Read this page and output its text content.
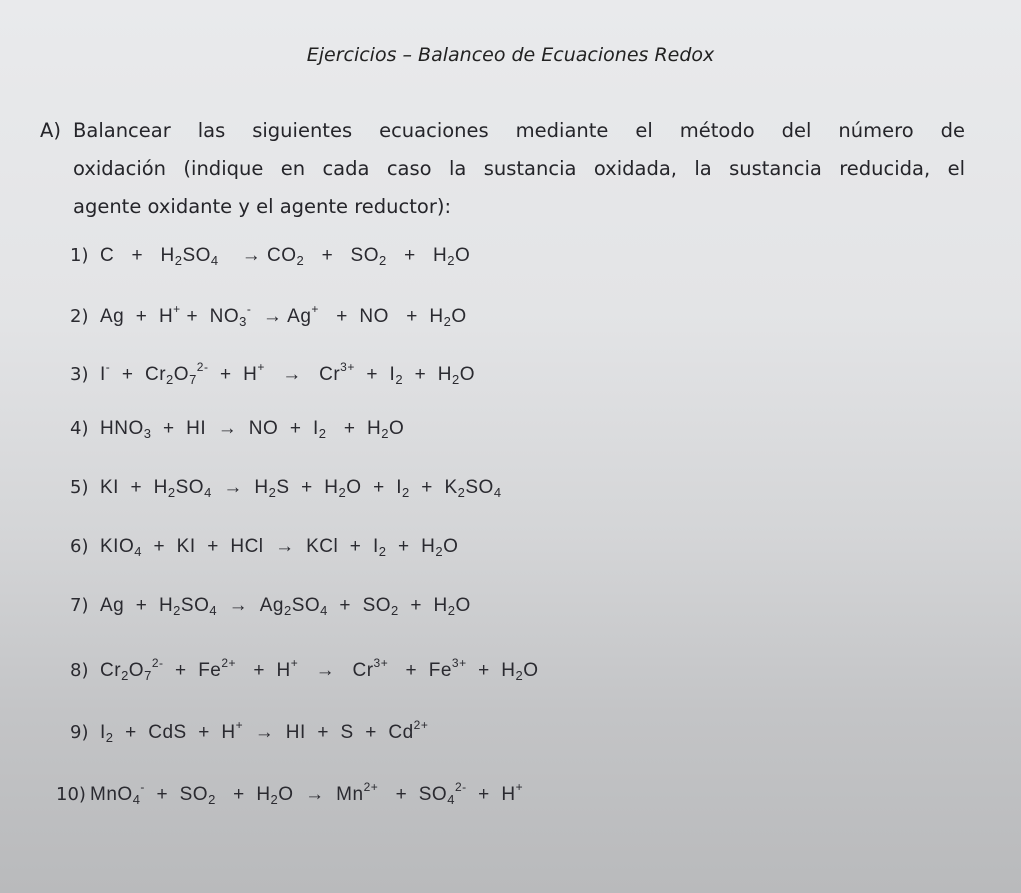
Ejercicios – Balanceo de Ecuaciones Redox
A) Balancear las siguientes ecuaciones mediante el método del número de
oxidación (indique en cada caso la sustancia oxidada, la sustancia reducida, el
agente oxidante y el agente reductor):
1) $C + H_2SO_4$    → $CO_2 + SO_2 + H_2O$
2) $Ag + H^+ + NO_3^- \to Ag^+$   +  NO   +  $H_2O$
3) $I^- + Cr_2O_7^{2-} + H^+ \to Cr^{3+} + I_2 + H_2O$
4) $HNO_3$  +  HI  →  NO  +  $I_2 + H_2O$
5) KI  +  $H_2SO_4 \to H_2S + H_2O + I_2 + K_2SO_4$
6) $KIO_4$  +  KI  +  HCl  →  KCl  +  $I_2 + H_2O$
7) $Ag + H_2SO_4 \to Ag_2SO_4 + SO_2 + H_2O$
8) $Cr_2O_7^{2-} + Fe^{2+} + H^+ \to Cr^{3+} + Fe^{3+} + H_2O$
9) $I_2$  +  CdS  +  H+  →  HI  +  $S + Cd^{2+}$
10) $MnO_4^- + SO_2 + H_2O \to Mn^{2+} + SO_4^{2-} + H^+$
